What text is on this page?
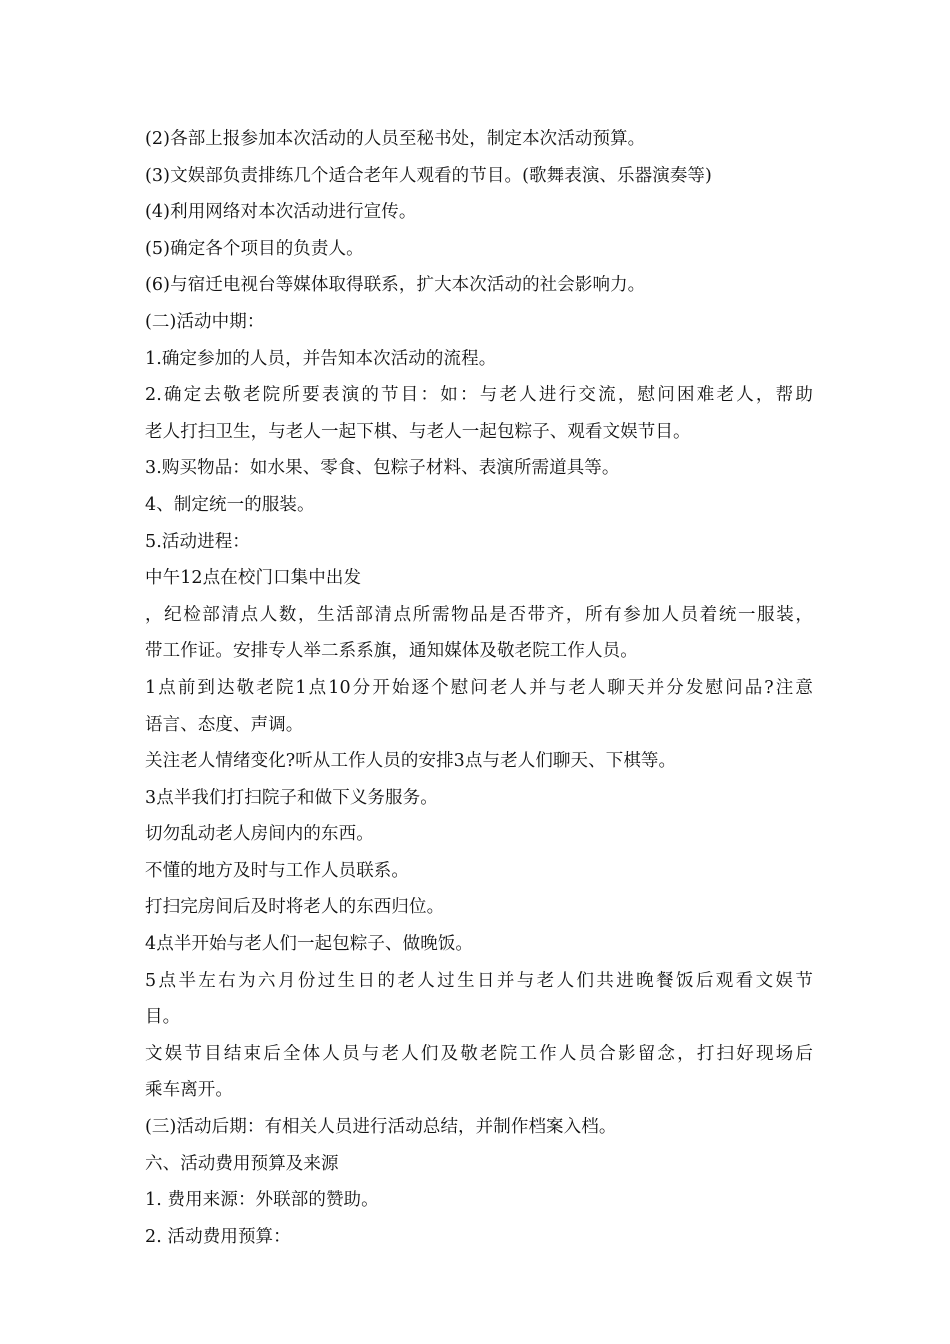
(2)各部上报参加本次活动的人员至秘书处，制定本次活动预算。
(3)文娱部负责排练几个适合老年人观看的节目。(歌舞表演、乐器演奏等)
(4)利用网络对本次活动进行宣传。
(5)确定各个项目的负责人。
(6)与宿迁电视台等媒体取得联系，扩大本次活动的社会影响力。
(二)活动中期：
1.确定参加的人员，并告知本次活动的流程。
2.确定去敬老院所要表演的节目：如：与老人进行交流，慰问困难老人，帮助
老人打扫卫生，与老人一起下棋、与老人一起包粽子、观看文娱节目。
3.购买物品：如水果、零食、包粽子材料、表演所需道具等。
4、制定统一的服装。
5.活动进程：
中午12点在校门口集中出发
，纪检部清点人数，生活部清点所需物品是否带齐，所有参加人员着统一服装，
带工作证。安排专人举二系系旗，通知媒体及敬老院工作人员。
1点前到达敬老院1点10分开始逐个慰问老人并与老人聊天并分发慰问品?注意
语言、态度、声调。
关注老人情绪变化?听从工作人员的安排3点与老人们聊天、下棋等。
3点半我们打扫院子和做下义务服务。
切勿乱动老人房间内的东西。
不懂的地方及时与工作人员联系。
打扫完房间后及时将老人的东西归位。
4点半开始与老人们一起包粽子、做晚饭。
5点半左右为六月份过生日的老人过生日并与老人们共进晚餐饭后观看文娱节
目。
文娱节目结束后全体人员与老人们及敬老院工作人员合影留念，打扫好现场后
乘车离开。
(三)活动后期：有相关人员进行活动总结，并制作档案入档。
六、活动费用预算及来源
1. 费用来源：外联部的赞助。
2. 活动费用预算：
